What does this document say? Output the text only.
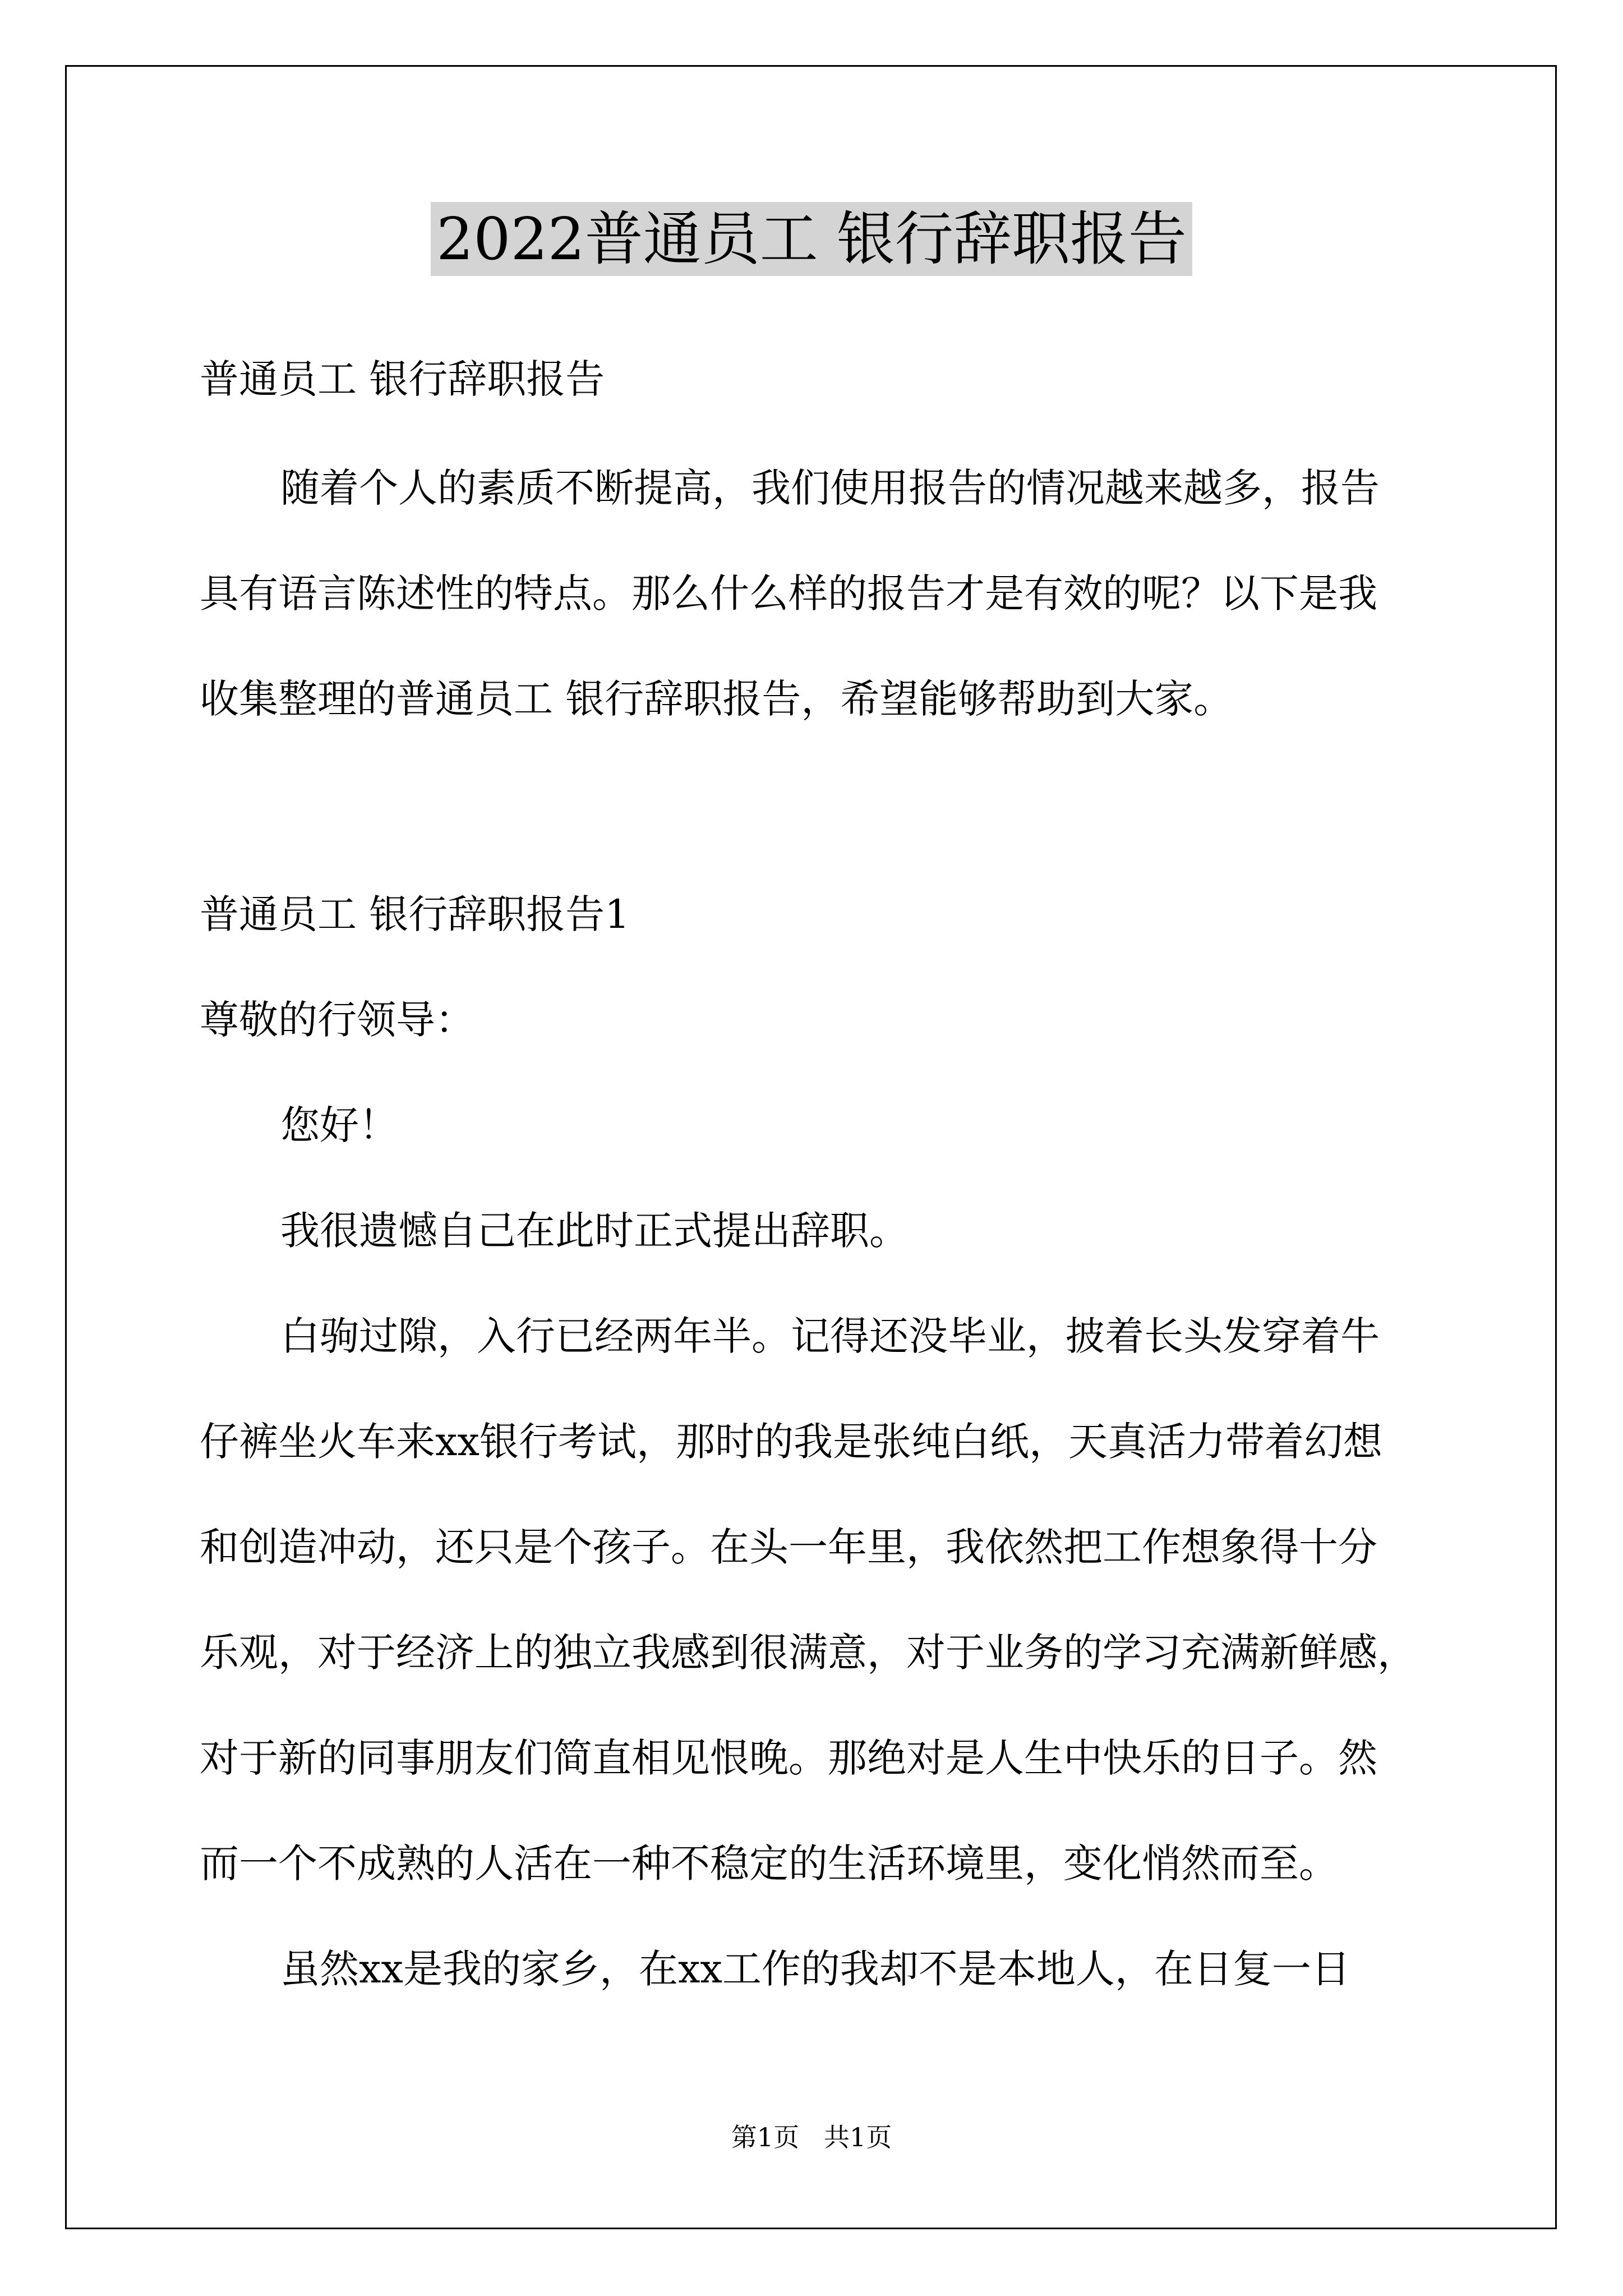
2022普通员工 银行辞职报告
普通员工 银行辞职报告
随着个人的素质不断提高，我们使用报告的情况越来越多，报告
具有语言陈述性的特点。那么什么样的报告才是有效的呢？以下是我
收集整理的普通员工 银行辞职报告，希望能够帮助到大家。
普通员工 银行辞职报告1
尊敬的行领导：
您好！
我很遗憾自己在此时正式提出辞职。
白驹过隙，入行已经两年半。记得还没毕业，披着长头发穿着牛
仔裤坐火车来xx银行考试，那时的我是张纯白纸，天真活力带着幻想
和创造冲动，还只是个孩子。在头一年里，我依然把工作想象得十分
乐观，对于经济上的独立我感到很满意，对于业务的学习充满新鲜感，
对于新的同事朋友们简直相见恨晚。那绝对是人生中快乐的日子。然
而一个不成熟的人活在一种不稳定的生活环境里，变化悄然而至。
虽然xx是我的家乡，在xx工作的我却不是本地人，在日复一日
第1页   共1页
